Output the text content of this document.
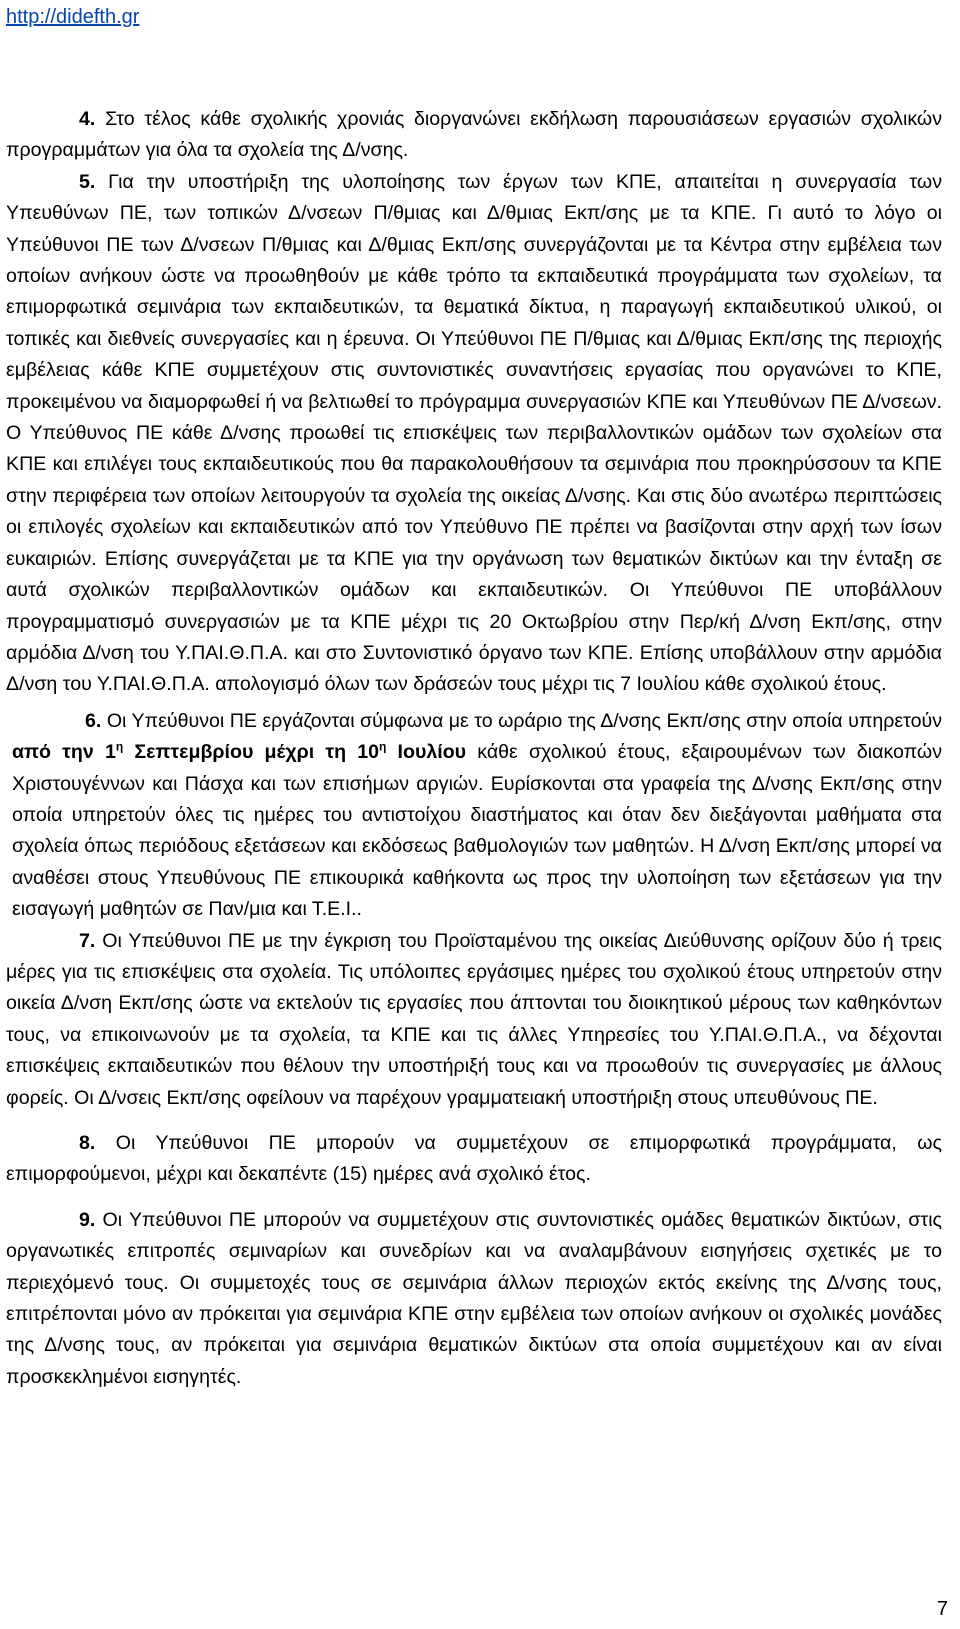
http://didefth.gr

4. Στο τέλος κάθε σχολικής χρονιάς διοργανώνει εκδήλωση παρουσιάσεων εργασιών σχολικών προγραμμάτων για όλα τα σχολεία της Δ/νσης.

5. Για την υποστήριξη της υλοποίησης των έργων των ΚΠΕ, απαιτείται η συνεργασία των Υπευθύνων ΠΕ, των τοπικών Δ/νσεων Π/θμιας και Δ/θμιας Εκπ/σης με τα ΚΠΕ. Γι αυτό το λόγο οι Υπεύθυνοι ΠΕ των Δ/νσεων Π/θμιας και Δ/θμιας Εκπ/σης συνεργάζονται με τα Κέντρα στην εμβέλεια των οποίων ανήκουν ώστε να προωθηθούν με κάθε τρόπο τα εκπαιδευτικά προγράμματα των σχολείων, τα επιμορφωτικά σεμινάρια των εκπαιδευτικών, τα θεματικά δίκτυα, η παραγωγή εκπαιδευτικού υλικού, οι τοπικές και διεθνείς συνεργασίες και η έρευνα. Οι Υπεύθυνοι ΠΕ Π/θμιας και Δ/θμιας Εκπ/σης της περιοχής εμβέλειας κάθε ΚΠΕ συμμετέχουν στις συντονιστικές συναντήσεις εργασίας που οργανώνει το ΚΠΕ, προκειμένου να διαμορφωθεί ή να βελτιωθεί το πρόγραμμα συνεργασιών ΚΠΕ και Υπευθύνων ΠΕ Δ/νσεων. Ο Υπεύθυνος ΠΕ κάθε Δ/νσης προωθεί τις επισκέψεις των περιβαλλοντικών ομάδων των σχολείων στα ΚΠΕ και επιλέγει τους εκπαιδευτικούς που θα παρακολουθήσουν τα σεμινάρια που προκηρύσσουν τα ΚΠΕ στην περιφέρεια των οποίων λειτουργούν τα σχολεία της οικείας Δ/νσης. Και στις δύο ανωτέρω περιπτώσεις οι επιλογές σχολείων και εκπαιδευτικών από τον Υπεύθυνο ΠΕ πρέπει να βασίζονται στην αρχή των ίσων ευκαιριών. Επίσης συνεργάζεται με τα ΚΠΕ για την οργάνωση των θεματικών δικτύων και την ένταξη σε αυτά σχολικών περιβαλλοντικών ομάδων και εκπαιδευτικών. Οι Υπεύθυνοι ΠΕ υποβάλλουν προγραμματισμό συνεργασιών με τα ΚΠΕ μέχρι τις 20 Οκτωβρίου στην Περ/κή Δ/νση Εκπ/σης, στην αρμόδια Δ/νση του Υ.ΠΑΙ.Θ.Π.Α. και στο Συντονιστικό όργανο των ΚΠΕ. Επίσης υποβάλλουν στην αρμόδια Δ/νση του Υ.ΠΑΙ.Θ.Π.Α. απολογισμό όλων των δράσεών τους μέχρι τις 7 Ιουλίου κάθε σχολικού έτους.

6. Οι Υπεύθυνοι ΠΕ εργάζονται σύμφωνα με το ωράριο της Δ/νσης Εκπ/σης στην οποία υπηρετούν από την $1^\eta$ Σεπτεμβρίου μέχρι τη $10^\eta$ Ιουλίου κάθε σχολικού έτους, εξαιρουμένων των διακοπών Χριστουγέννων και Πάσχα και των επισήμων αργιών. Ευρίσκονται στα γραφεία της Δ/νσης Εκπ/σης στην οποία υπηρετούν όλες τις ημέρες του αντιστοίχου διαστήματος και όταν δεν διεξάγονται μαθήματα στα σχολεία όπως περιόδους εξετάσεων και εκδόσεως βαθμολογιών των μαθητών. Η Δ/νση Εκπ/σης μπορεί να αναθέσει στους Υπευθύνους ΠΕ επικουρικά καθήκοντα ως προς την υλοποίηση των εξετάσεων για την εισαγωγή μαθητών σε Παν/μια και Τ.Ε.Ι..

7. Οι Υπεύθυνοι ΠΕ με την έγκριση του Προϊσταμένου της οικείας Διεύθυνσης ορίζουν δύο ή τρεις μέρες για τις επισκέψεις στα σχολεία. Τις υπόλοιπες εργάσιμες ημέρες του σχολικού έτους υπηρετούν στην οικεία Δ/νση Εκπ/σης ώστε να εκτελούν τις εργασίες που άπτονται του διοικητικού μέρους των καθηκόντων τους, να επικοινωνούν με τα σχολεία, τα ΚΠΕ και τις άλλες Υπηρεσίες του Υ.ΠΑΙ.Θ.Π.Α., να δέχονται επισκέψεις εκπαιδευτικών που θέλουν την υποστήριξή τους και να προωθούν τις συνεργασίες με άλλους φορείς. Οι Δ/νσεις Εκπ/σης οφείλουν να παρέχουν γραμματειακή υποστήριξη στους υπευθύνους ΠΕ.

8. Οι Υπεύθυνοι ΠΕ μπορούν να συμμετέχουν σε επιμορφωτικά προγράμματα, ως επιμορφούμενοι, μέχρι και δεκαπέντε (15) ημέρες ανά σχολικό έτος.

9. Οι Υπεύθυνοι ΠΕ μπορούν να συμμετέχουν στις συντονιστικές ομάδες θεματικών δικτύων, στις οργανωτικές επιτροπές σεμιναρίων και συνεδρίων και να αναλαμβάνουν εισηγήσεις σχετικές με το περιεχόμενό τους. Οι συμμετοχές τους σε σεμινάρια άλλων περιοχών εκτός εκείνης της Δ/νσης τους, επιτρέπονται μόνο αν πρόκειται για σεμινάρια ΚΠΕ στην εμβέλεια των οποίων ανήκουν οι σχολικές μονάδες της Δ/νσης τους, αν πρόκειται για σεμινάρια θεματικών δικτύων στα οποία συμμετέχουν και αν είναι προσκεκλημένοι εισηγητές.

7
